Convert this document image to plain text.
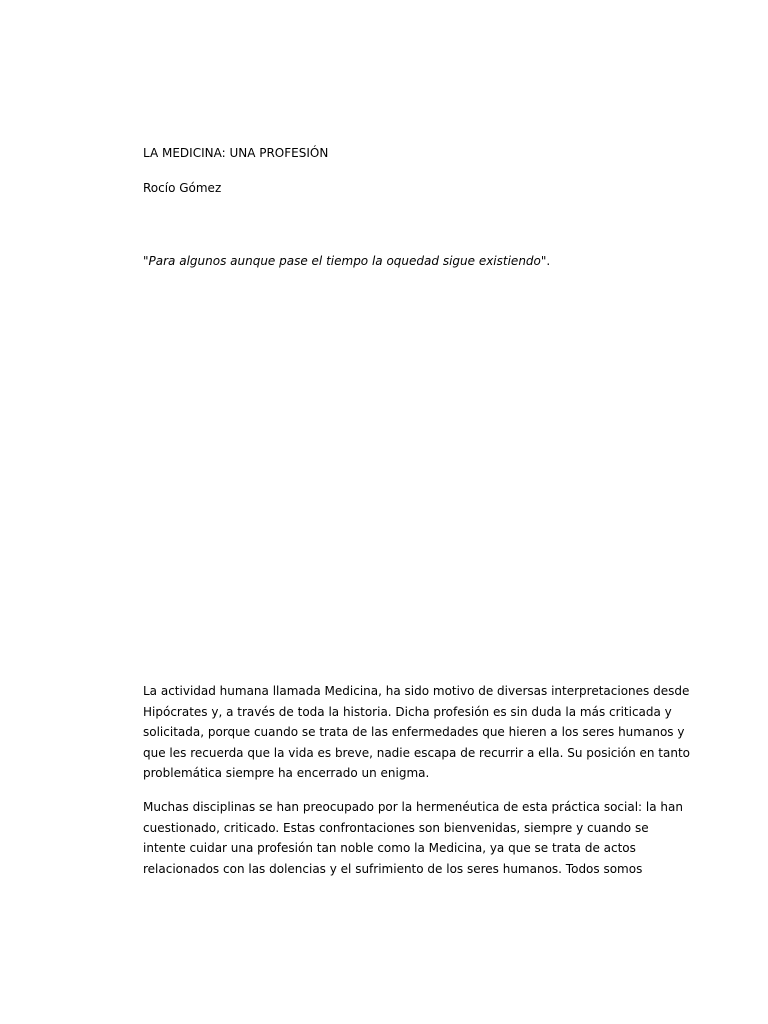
LA MEDICINA: UNA PROFESIÓN

Rocío Gómez

"Para algunos aunque pase el tiempo la oquedad sigue existiendo".

La actividad humana llamada Medicina, ha sido motivo de diversas interpretaciones desde
Hipócrates y, a través de toda la historia. Dicha profesión es sin duda la más criticada y
solicitada, porque cuando se trata de las enfermedades que hieren a los seres humanos y
que les recuerda que la vida es breve, nadie escapa de recurrir a ella. Su posición en tanto
problemática siempre ha encerrado un enigma.
Muchas disciplinas se han preocupado por la hermenéutica de esta práctica social: la han
cuestionado, criticado. Estas confrontaciones son bienvenidas, siempre y cuando se
intente cuidar una profesión tan noble como la Medicina, ya que se trata de actos
relacionados con las dolencias y el sufrimiento de los seres humanos. Todos somos
